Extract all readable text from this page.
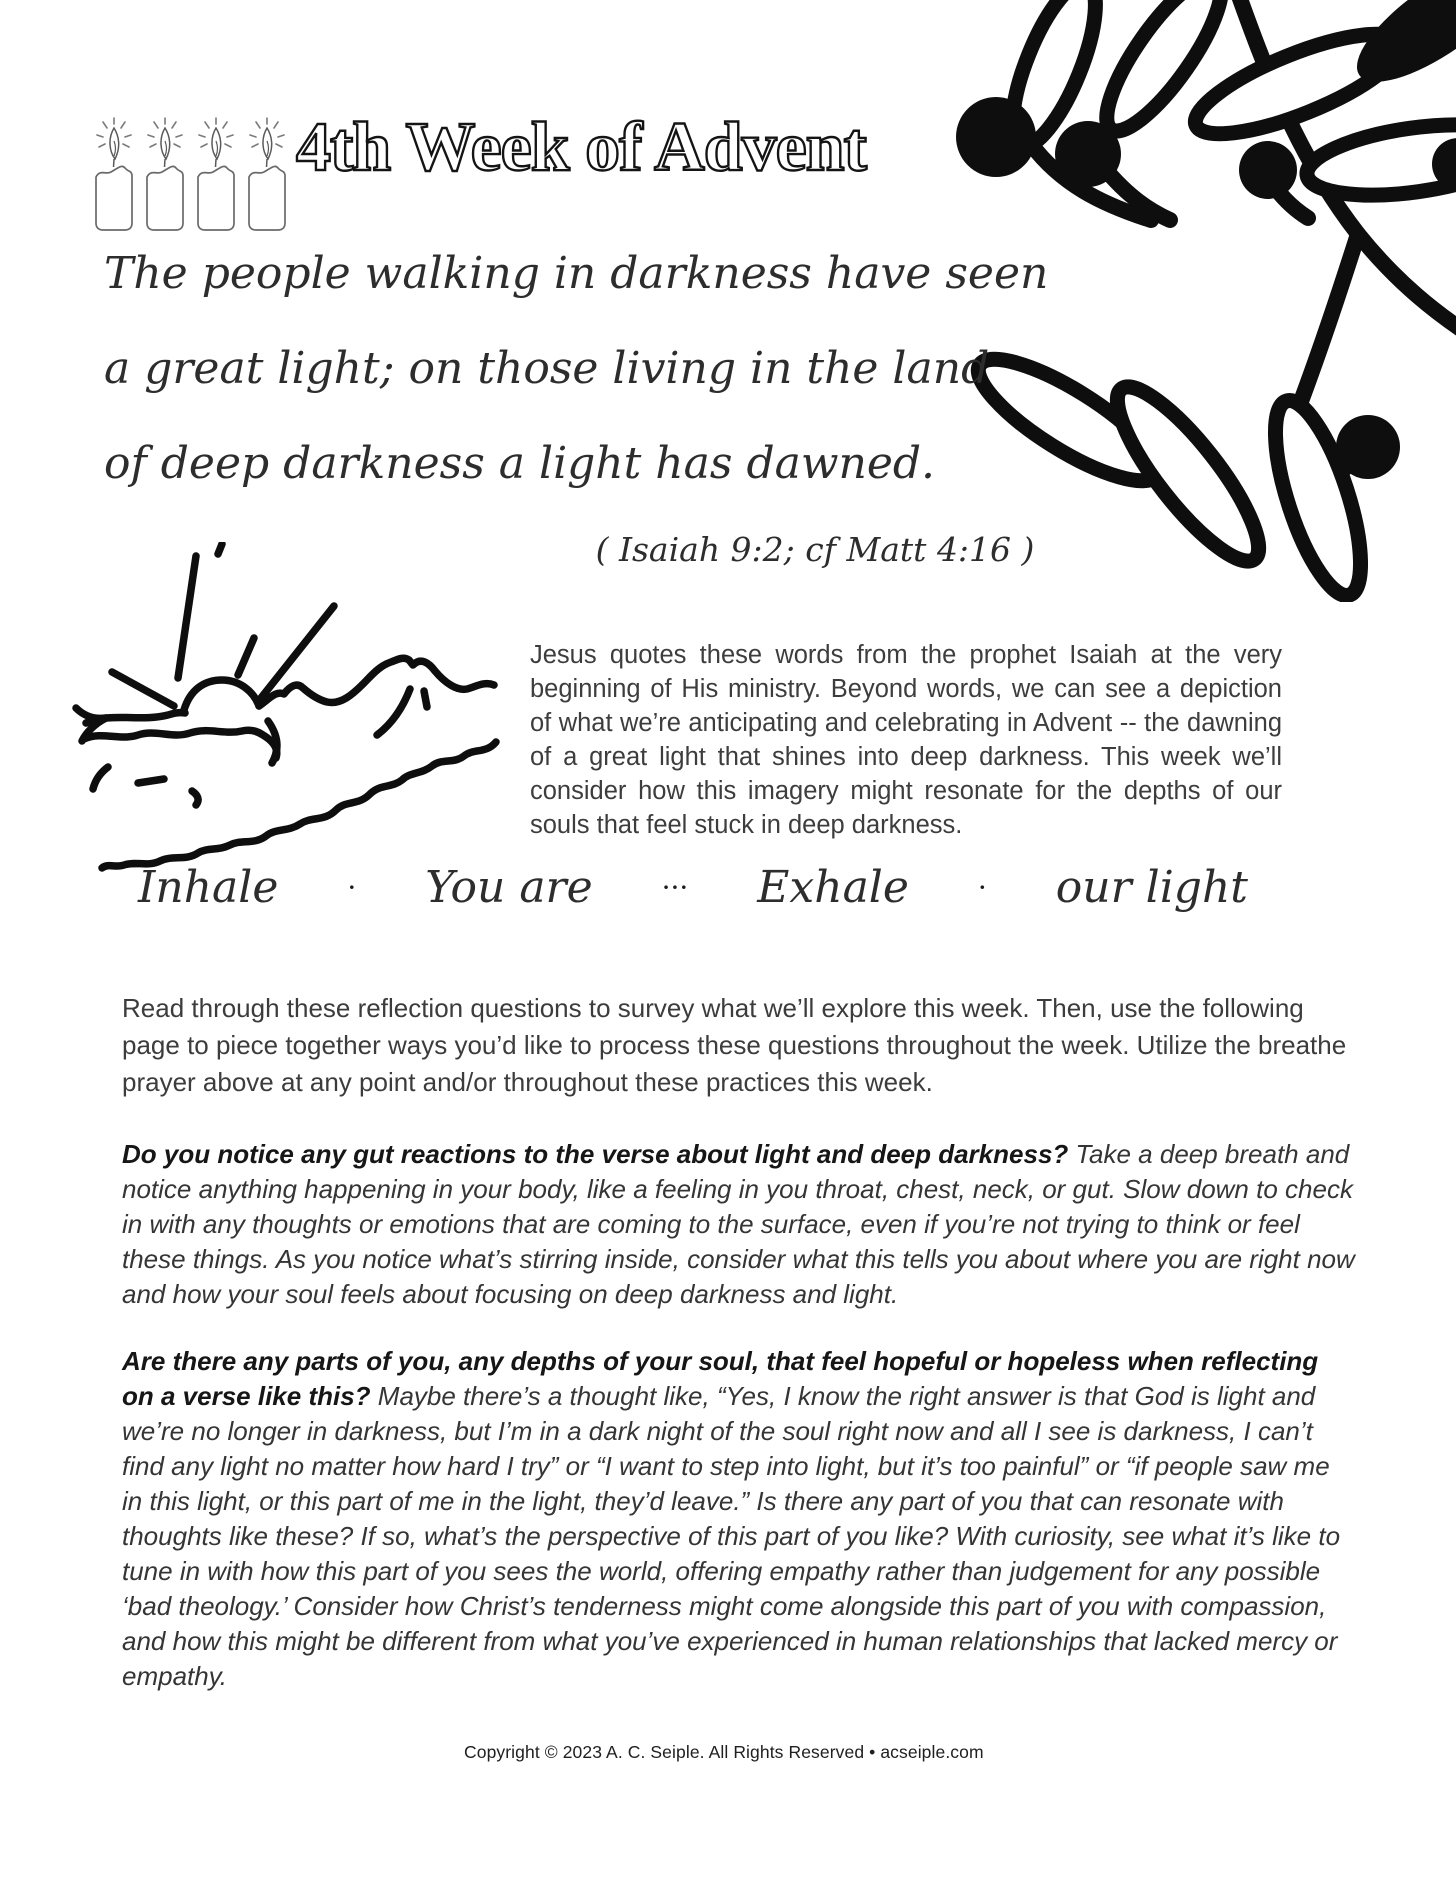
4th Week of Advent
The people walking in darkness have seen
a great light; on those living in the land
of deep darkness a light has dawned.
( Isaiah 9:2; cf Matt 4:16 )

Jesus quotes these words from the prophet Isaiah at the very beginning of His ministry. Beyond words, we can see a depiction of what we’re anticipating and celebrating in Advent -- the dawning of a great light that shines into deep darkness. This week we’ll consider how this imagery might resonate for the depths of our souls that feel stuck in deep darkness.

Inhale · You are ··· Exhale · our light

Read through these reflection questions to survey what we’ll explore this week. Then, use the following page to piece together ways you’d like to process these questions throughout the week. Utilize the breathe prayer above at any point and/or throughout these practices this week.

Do you notice any gut reactions to the verse about light and deep darkness? Take a deep breath and notice anything happening in your body, like a feeling in you throat, chest, neck, or gut. Slow down to check in with any thoughts or emotions that are coming to the surface, even if you’re not trying to think or feel these things. As you notice what’s stirring inside, consider what this tells you about where you are right now and how your soul feels about focusing on deep darkness and light.

Are there any parts of you, any depths of your soul, that feel hopeful or hopeless when reflecting on a verse like this? Maybe there’s a thought like, “Yes, I know the right answer is that God is light and we’re no longer in darkness, but I’m in a dark night of the soul right now and all I see is darkness, I can’t find any light no matter how hard I try” or “I want to step into light, but it’s too painful” or “if people saw me in this light, or this part of me in the light, they’d leave.” Is there any part of you that can resonate with thoughts like these? If so, what’s the perspective of this part of you like? With curiosity, see what it’s like to tune in with how this part of you sees the world, offering empathy rather than judgement for any possible ‘bad theology.’ Consider how Christ’s tenderness might come alongside this part of you with compassion, and how this might be different from what you’ve experienced in human relationships that lacked mercy or empathy.

Copyright © 2023 A. C. Seiple. All Rights Reserved • acseiple.com
